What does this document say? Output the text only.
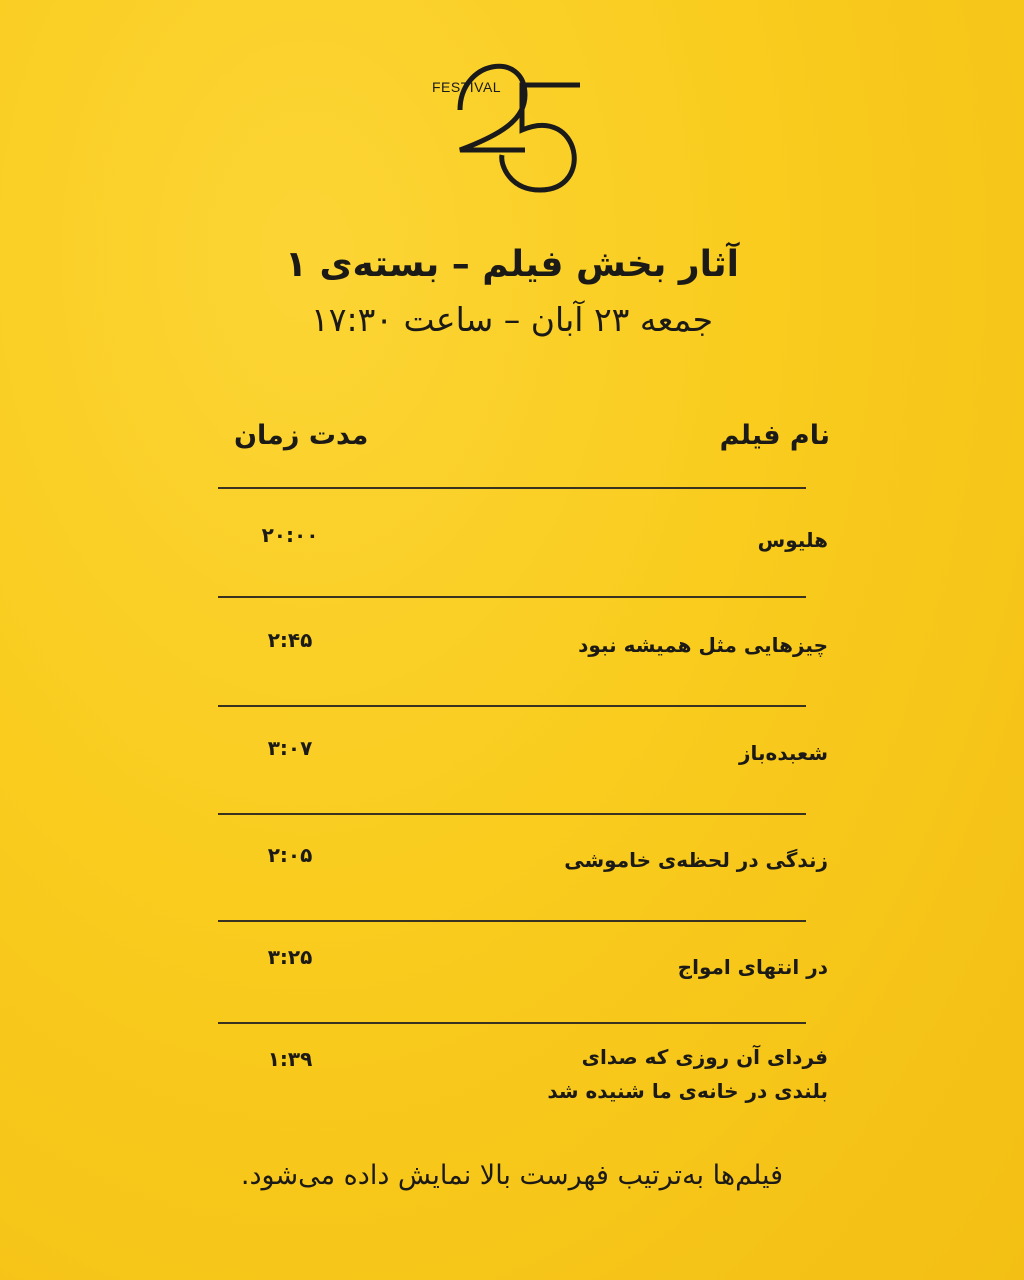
FESTIVAL
آثار بخش فیلم – بسته‌ی ۱
جمعه ۲۳ آبان – ساعت ۱۷:۳۰
نام فیلم
مدت زمان
هلیوس
۲۰:۰۰
چیزهایی مثل همیشه نبود
۲:۴۵
شعبده‌باز
۳:۰۷
زندگی در لحظه‌ی خاموشی
۲:۰۵
در انتهای امواج
۳:۲۵
فردای آن روزی که صدای بلندی در خانه‌ی ما شنیده شد
۱:۳۹
فیلم‌ها به‌ترتیب فهرست بالا نمایش داده می‌شود.
